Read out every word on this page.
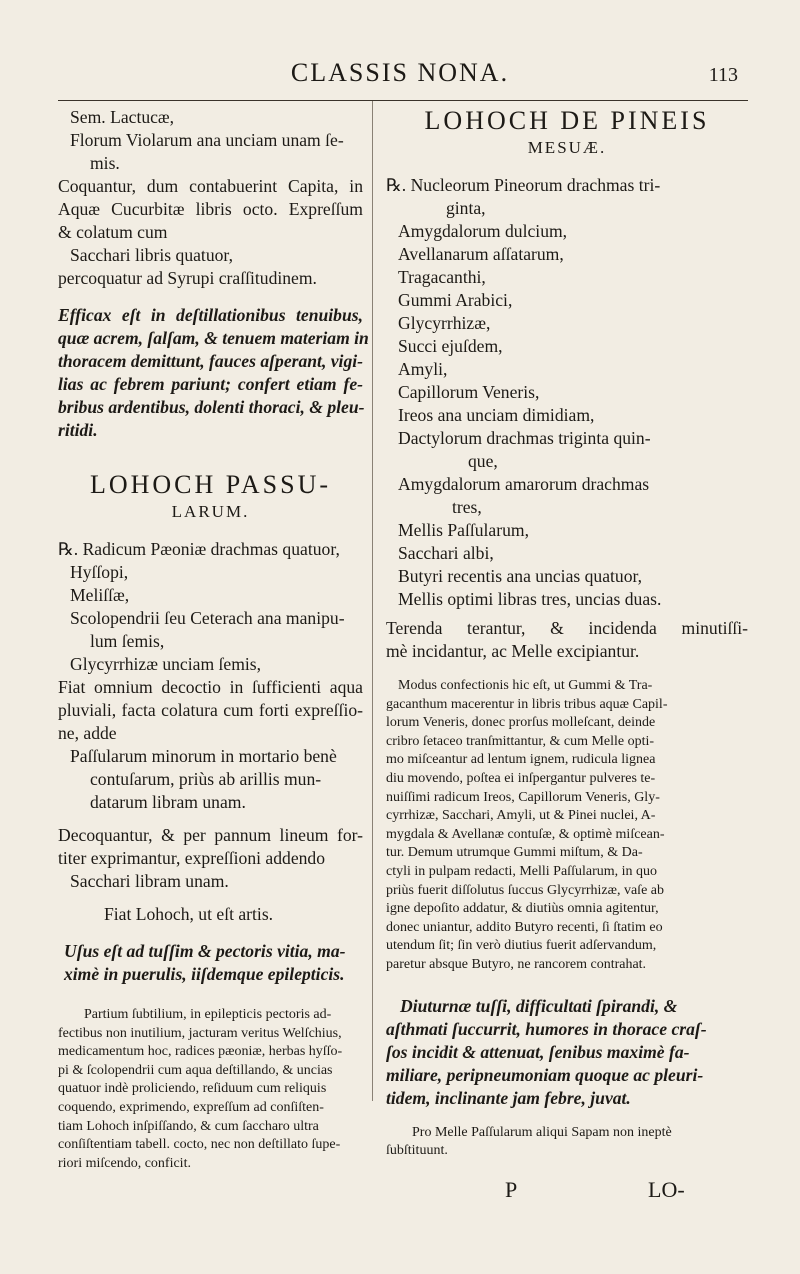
CLASSIS NONA.	113
Sem. Lactucæ,
Florum Violarum ana unciam unam ſe-
mis.
Coquantur, dum contabuerint Capita, in
Aquæ Cucurbitæ libris octo. Expreſſum
& colatum cum
Sacchari libris quatuor,
percoquatur ad Syrupi craſſitudinem.
Efficax eſt in deſtillationibus tenuibus,
quæ acrem, ſalſam, & tenuem materiam in
thoracem demittunt, fauces aſperant, vigi-
lias ac febrem pariunt; confert etiam fe-
bribus ardentibus, dolenti thoraci, & pleu-
ritidi.
LOHOCH PASSU-
LARUM.
℞. Radicum Pæoniæ drachmas quatuor,
Hyſſopi,
Meliſſæ,
Scolopendrii ſeu Ceterach ana manipu-
lum ſemis,
Glycyrrhizæ unciam ſemis,
Fiat omnium decoctio in ſufficienti aqua
pluviali, facta colatura cum forti expreſſio-
ne, adde
Paſſularum minorum in mortario benè
contuſarum, priùs ab arillis mun-
datarum libram unam.
Decoquantur, & per pannum lineum for-
titer exprimantur, expreſſioni addendo
Sacchari libram unam.
Fiat Lohoch, ut eſt artis.
Uſus eſt ad tuſſim & pectoris vitia, ma-
ximè in puerulis, iiſdemque epilepticis.
Partium ſubtilium, in epilepticis pectoris ad-
fectibus non inutilium, jacturam veritus Welſchius,
medicamentum hoc, radices pæoniæ, herbas hyſſo-
pi & ſcolopendrii cum aqua deſtillando, & uncias
quatuor indè proliciendo, reſiduum cum reliquis
coquendo, exprimendo, expreſſum ad conſiſten-
tiam Lohoch inſpiſſando, & cum ſaccharo ultra
conſiſtentiam tabell. cocto, nec non deſtillato ſupe-
riori miſcendo, conficit.
LOHOCH DE PINEIS
MESUÆ.
℞. Nucleorum Pineorum drachmas tri-
ginta,
Amygdalorum dulcium,
Avellanarum aſſatarum,
Tragacanthi,
Gummi Arabici,
Glycyrrhizæ,
Succi ejuſdem,
Amyli,
Capillorum Veneris,
Ireos ana unciam dimidiam,
Dactylorum drachmas triginta quin-
que,
Amygdalorum amarorum drachmas
tres,
Mellis Paſſularum,
Sacchari albi,
Butyri recentis ana uncias quatuor,
Mellis optimi libras tres, uncias duas.
Terenda terantur, & incidenda minutiſſi-
mè incidantur, ac Melle excipiantur.
Modus confectionis hic eſt, ut Gummi & Tra-
gacanthum macerentur in libris tribus aquæ Capil-
lorum Veneris, donec prorſus molleſcant, deinde
cribro ſetaceo tranſmittantur, & cum Melle opti-
mo miſceantur ad lentum ignem, rudicula lignea
diu movendo, poſtea ei inſpergantur pulveres te-
nuiſſimi radicum Ireos, Capillorum Veneris, Gly-
cyrrhizæ, Sacchari, Amyli, ut & Pinei nuclei, A-
mygdala & Avellanæ contuſæ, & optimè miſcean-
tur. Demum utrumque Gummi miſtum, & Da-
ctyli in pulpam redacti, Melli Paſſularum, in quo
priùs fuerit diſſolutus ſuccus Glycyrrhizæ, vaſe ab
igne depoſito addatur, & diutiùs omnia agitentur,
donec uniantur, addito Butyro recenti, ſi ſtatim eo
utendum ſit; ſin verò diutius fuerit adſervandum,
paretur absque Butyro, ne rancorem contrahat.
Diuturnæ tuſſi, difficultati ſpirandi, &
aſthmati ſuccurrit, humores in thorace craſ-
ſos incidit & attenuat, ſenibus maximè fa-
miliare, peripneumoniam quoque ac pleuri-
tidem, inclinante jam febre, juvat.
Pro Melle Paſſularum aliqui Sapam non ineptè
ſubſtituunt.
P	LO-
